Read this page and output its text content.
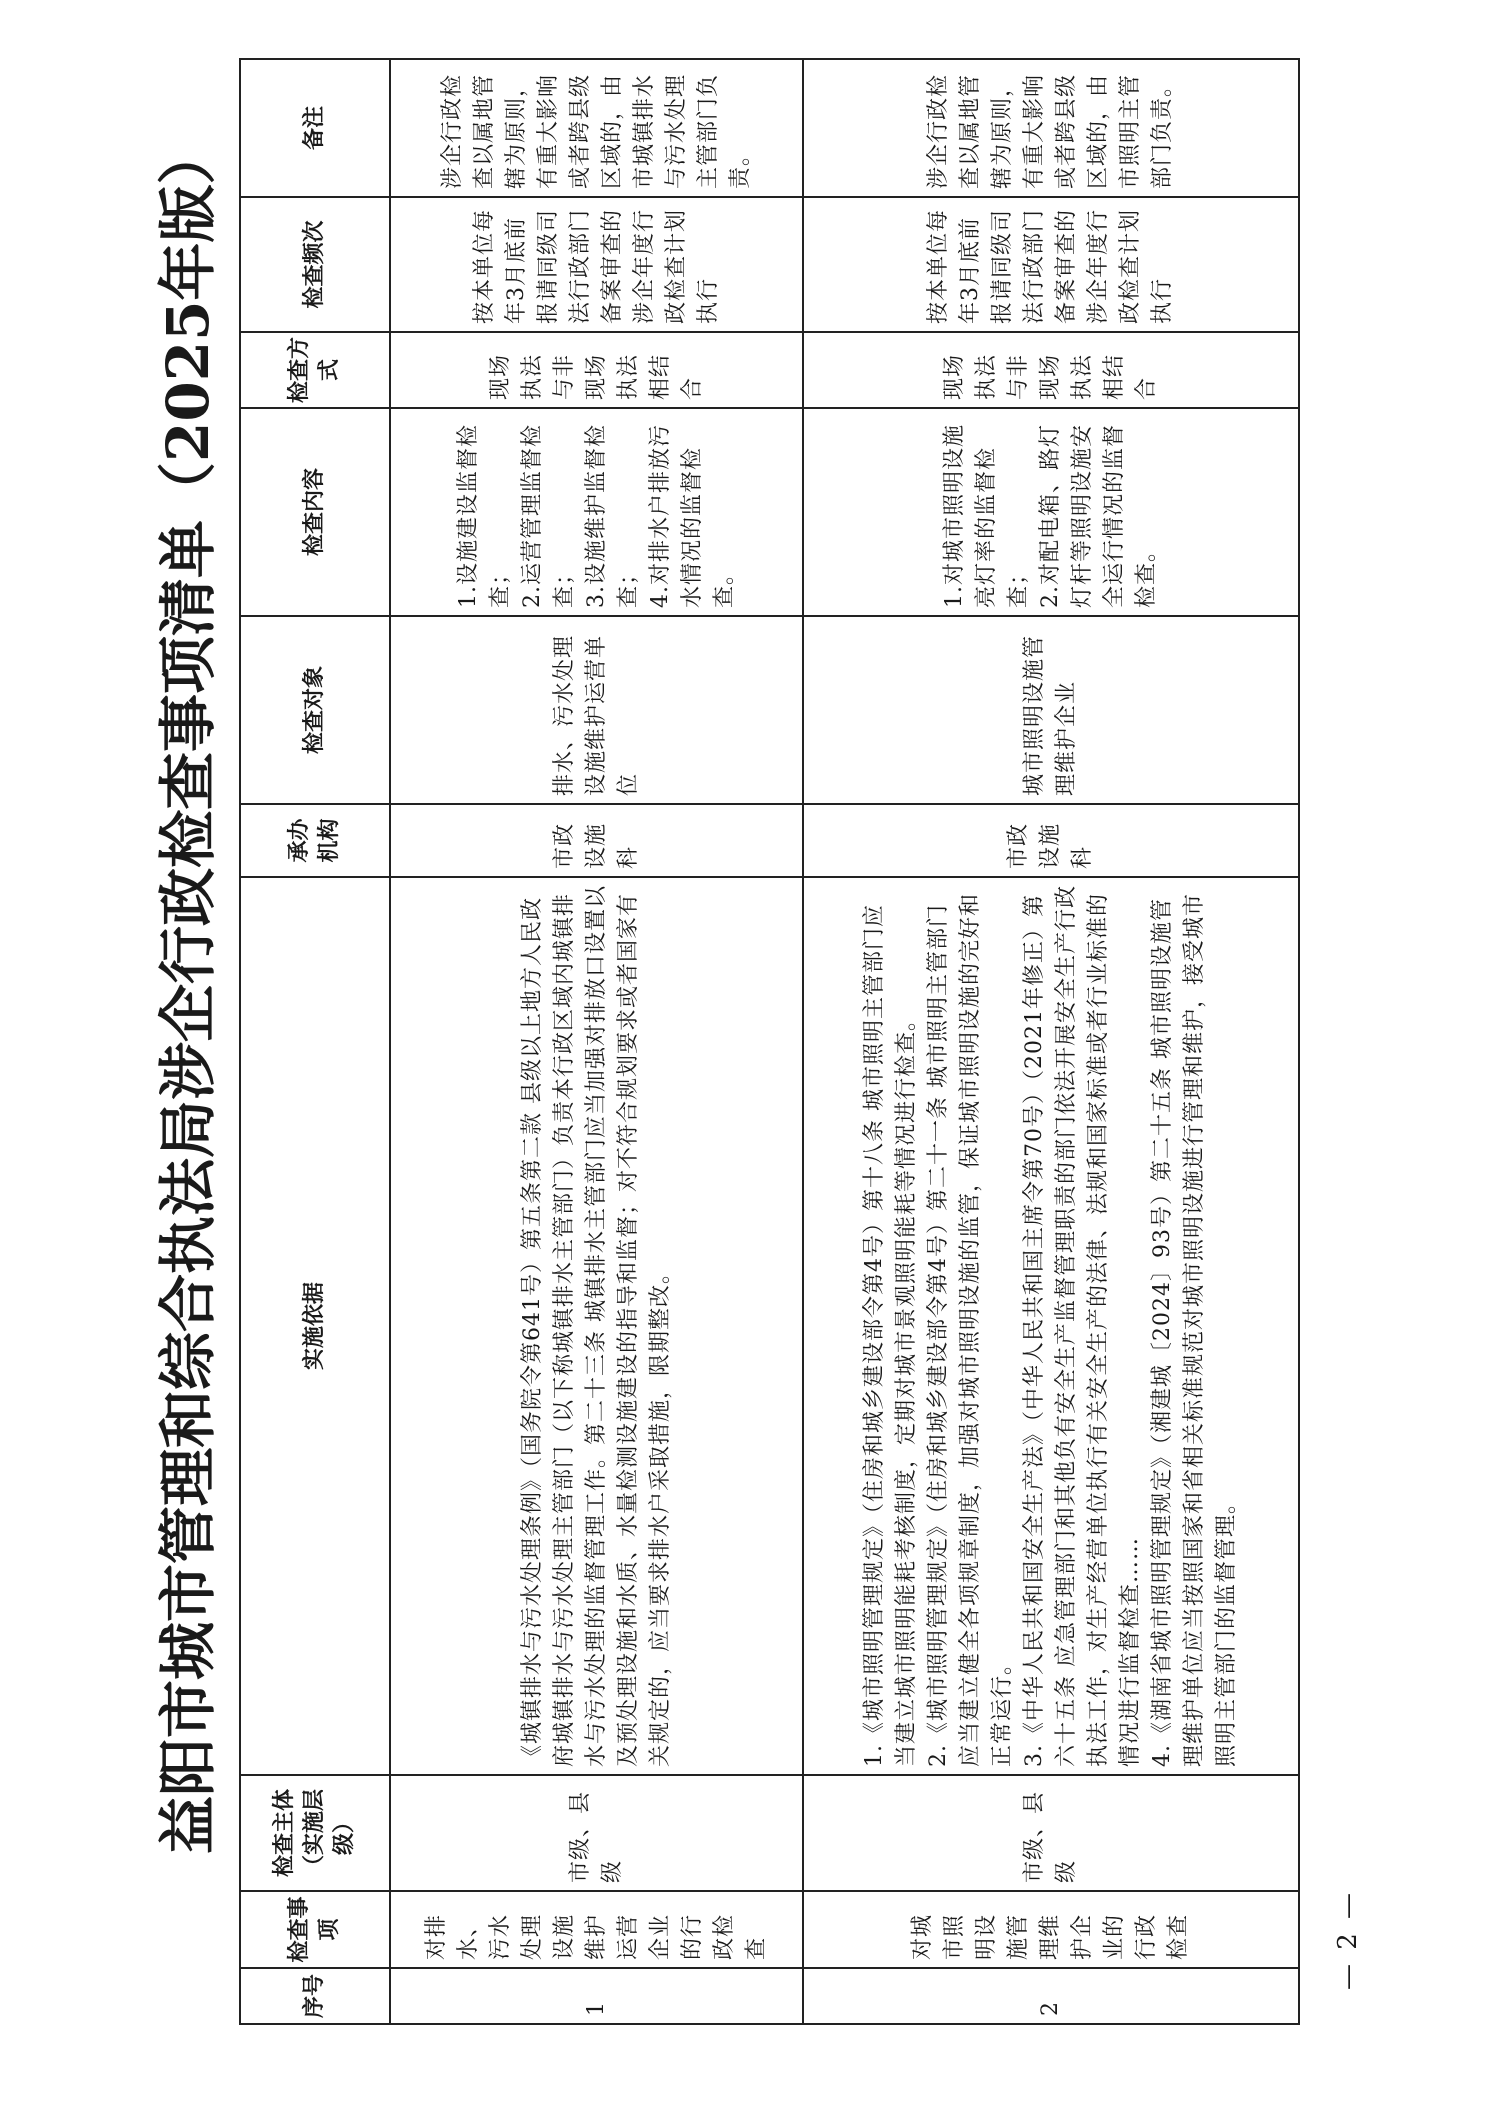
益阳市城市管理和综合执法局涉企行政检查事项清单（2025年版）
序号	检查事项	检查主体（实施层级）	实施依据	承办机构	检查对象	检查内容	检查方式	检查频次	备注
1	对排水、污水处理设施维护运营企业的行政检查	市级、县级	《城镇排水与污水处理条例》（国务院令第641号）第五条第二款 县级以上地方人民政府城镇排水与污水处理主管部门（以下称城镇排水主管部门）负责本行政区域内城镇排水与污水处理的监督管理工作。第二十三条 城镇排水主管部门应当加强对排放口设置以及预处理设施和水质、水量检测设施建设的指导和监督；对不符合规划要求或者国家有关规定的，应当要求排水户采取措施，限期整改。	市政设施科	排水、污水处理设施维护运营单位	1.设施建设监督检查； 2.运营管理监督检查； 3.设施维护监督检查； 4.对排水户排放污水情况的监督检查。	现场执法与非现场执法相结合	按本单位每年3月底前报请同级司法行政部门备案审查的涉企年度行政检查计划执行	涉企行政检查以属地管辖为原则，有重大影响或者跨县级区域的，由市城镇排水与污水处理主管部门负责。
2	对城市照明设施管理维护企业的行政检查	市级、县级	1.《城市照明管理规定》（住房和城乡建设部令第4号）第十八条 城市照明主管部门应当建立城市照明能耗考核制度，定期对城市景观照明能耗等情况进行检查。 2.《城市照明管理规定》（住房和城乡建设部令第4号）第二十一条 城市照明主管部门应当建立健全各项规章制度，加强对城市照明设施的监管，保证城市照明设施的完好和正常运行。 3.《中华人民共和国安全生产法》（中华人民共和国主席令第70号）（2021年修正）第六十五条 应急管理部门和其他负有安全生产监督管理职责的部门依法开展安全生产行政执法工作，对生产经营单位执行有关安全生产的法律、法规和国家标准或者行业标准的情况进行监督检查…… 4.《湖南省城市照明管理规定》（湘建城〔2024〕93号）第二十五条 城市照明设施管理维护单位应当按照国家和省相关标准规范对城市照明设施进行管理和维护，接受城市照明主管部门的监督管理。	市政设施科	城市照明设施管理维护企业	1.对城市照明设施亮灯率的监督检查； 2.对配电箱、路灯灯杆等照明设施安全运行情况的监督检查。	现场执法与非现场执法相结合	按本单位每年3月底前报请同级司法行政部门备案审查的涉企年度行政检查计划执行	涉企行政检查以属地管辖为原则，有重大影响或者跨县级区域的，由市照明主管部门负责。
— 2 —
